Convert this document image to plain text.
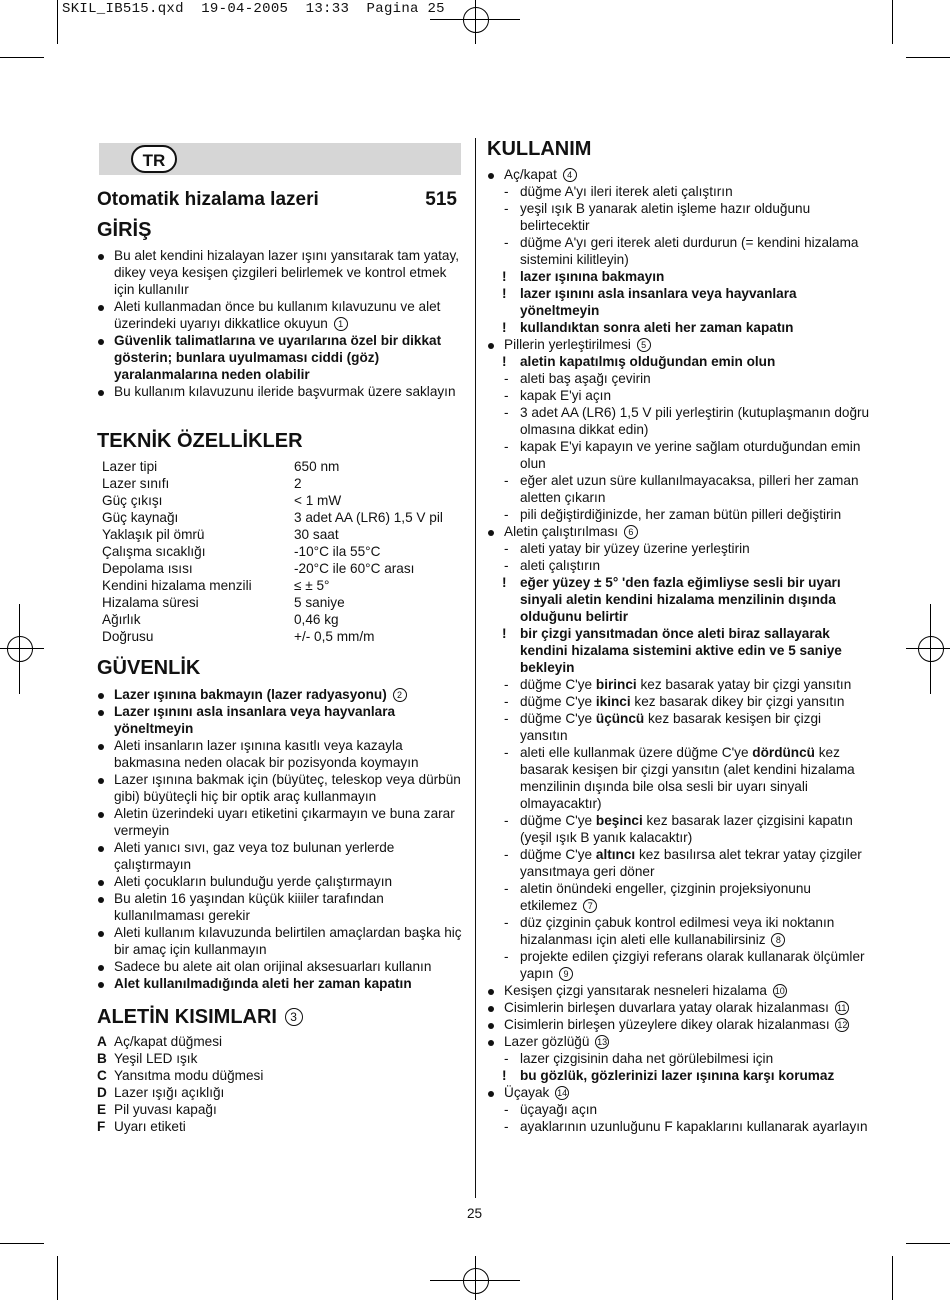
SKIL_IB515.qxd  19-04-2005  13:33  Pagina 25
TR
Otomatik hizalama lazeri	515
GİRİŞ
Bu alet kendini hizalayan lazer ışını yansıtarak tam yatay, dikey veya kesişen çizgileri belirlemek ve kontrol etmek için kullanılır
Aleti kullanmadan önce bu kullanım kılavuzunu ve alet üzerindeki uyarıyı dikkatlice okuyun 1
Güvenlik talimatlarına ve uyarılarına özel bir dikkat gösterin; bunlara uyulmaması ciddi (göz) yaralanmalarına neden olabilir
Bu kullanım kılavuzunu ileride başvurmak üzere saklayın
TEKNİK ÖZELLİKLER
Lazer tipi	650 nm
Lazer sınıfı	2
Güç çıkışı	< 1 mW
Güç kaynağı	3 adet AA (LR6) 1,5 V pil
Yaklaşık pil ömrü	30 saat
Çalışma sıcaklığı	-10°C ila 55°C
Depolama ısısı	-20°C ile 60°C arası
Kendini hizalama menzili	≤ ± 5°
Hizalama süresi	5 saniye
Ağırlık	0,46 kg
Doğrusu	+/- 0,5 mm/m
GÜVENLİK
Lazer ışınına bakmayın (lazer radyasyonu) 2
Lazer ışınını asla insanlara veya hayvanlara yöneltmeyin
Aleti insanların lazer ışınına kasıtlı veya kazayla bakmasına neden olacak bir pozisyonda koymayın
Lazer ışınına bakmak için (büyüteç, teleskop veya dürbün gibi) büyüteçli hiç bir optik araç kullanmayın
Aletin üzerindeki uyarı etiketini çıkarmayın ve buna zarar vermeyin
Aleti yanıcı sıvı, gaz veya toz bulunan yerlerde çalıştırmayın
Aleti çocukların bulunduğu yerde çalıştırmayın
Bu aletin 16 yaşından küçük kiiiler tarafından kullanılmaması gerekir
Aleti kullanım kılavuzunda belirtilen amaçlardan başka hiç bir amaç için kullanmayın
Sadece bu alete ait olan orijinal aksesuarları kullanın
Alet kullanılmadığında aleti her zaman kapatın
ALETİN KISIMLARI 3
A Aç/kapat düğmesi
B Yeşil LED ışık
C Yansıtma modu düğmesi
D Lazer ışığı açıklığı
E Pil yuvası kapağı
F Uyarı etiketi
KULLANIM
Aç/kapat 4
- düğme A'yı ileri iterek aleti çalıştırın
- yeşil ışık B yanarak aletin işleme hazır olduğunu belirtecektir
- düğme A'yı geri iterek aleti durdurun (= kendini hizalama sistemini kilitleyin)
! lazer ışınına bakmayın
! lazer ışınını asla insanlara veya hayvanlara yöneltmeyin
! kullandıktan sonra aleti her zaman kapatın
Pillerin yerleştirilmesi 5
! aletin kapatılmış olduğundan emin olun
- aleti baş aşağı çevirin
- kapak E'yi açın
- 3 adet AA (LR6) 1,5 V pili yerleştirin (kutuplaşmanın doğru olmasına dikkat edin)
- kapak E'yi kapayın ve yerine sağlam oturduğundan emin olun
- eğer alet uzun süre kullanılmayacaksa, pilleri her zaman aletten çıkarın
- pili değiştirdiğinizde, her zaman bütün pilleri değiştirin
Aletin çalıştırılması 6
- aleti yatay bir yüzey üzerine yerleştirin
- aleti çalıştırın
! eğer yüzey ± 5° 'den fazla eğimliyse sesli bir uyarı sinyali aletin kendini hizalama menzilinin dışında olduğunu belirtir
! bir çizgi yansıtmadan önce aleti biraz sallayarak kendini hizalama sistemini aktive edin ve 5 saniye bekleyin
- düğme C'ye birinci kez basarak yatay bir çizgi yansıtın
- düğme C'ye ikinci kez basarak dikey bir çizgi yansıtın
- düğme C'ye üçüncü kez basarak kesişen bir çizgi yansıtın
- aleti elle kullanmak üzere düğme C'ye dördüncü kez basarak kesişen bir çizgi yansıtın (alet kendini hizalama menzilinin dışında bile olsa sesli bir uyarı sinyali olmayacaktır)
- düğme C'ye beşinci kez basarak lazer çizgisini kapatın (yeşil ışık B yanık kalacaktır)
- düğme C'ye altıncı kez basılırsa alet tekrar yatay çizgiler yansıtmaya geri döner
- aletin önündeki engeller, çizginin projeksiyonunu etkilemez 7
- düz çizginin çabuk kontrol edilmesi veya iki noktanın hizalanması için aleti elle kullanabilirsiniz 8
- projekte edilen çizgiyi referans olarak kullanarak ölçümler yapın 9
Kesişen çizgi yansıtarak nesneleri hizalama 10
Cisimlerin birleşen duvarlara yatay olarak hizalanması 11
Cisimlerin birleşen yüzeylere dikey olarak hizalanması 12
Lazer gözlüğü 13
- lazer çizgisinin daha net görülebilmesi için
! bu gözlük, gözlerinizi lazer ışınına karşı korumaz
Üçayak 14
- üçayağı açın
- ayaklarının uzunluğunu F kapaklarını kullanarak ayarlayın
25
